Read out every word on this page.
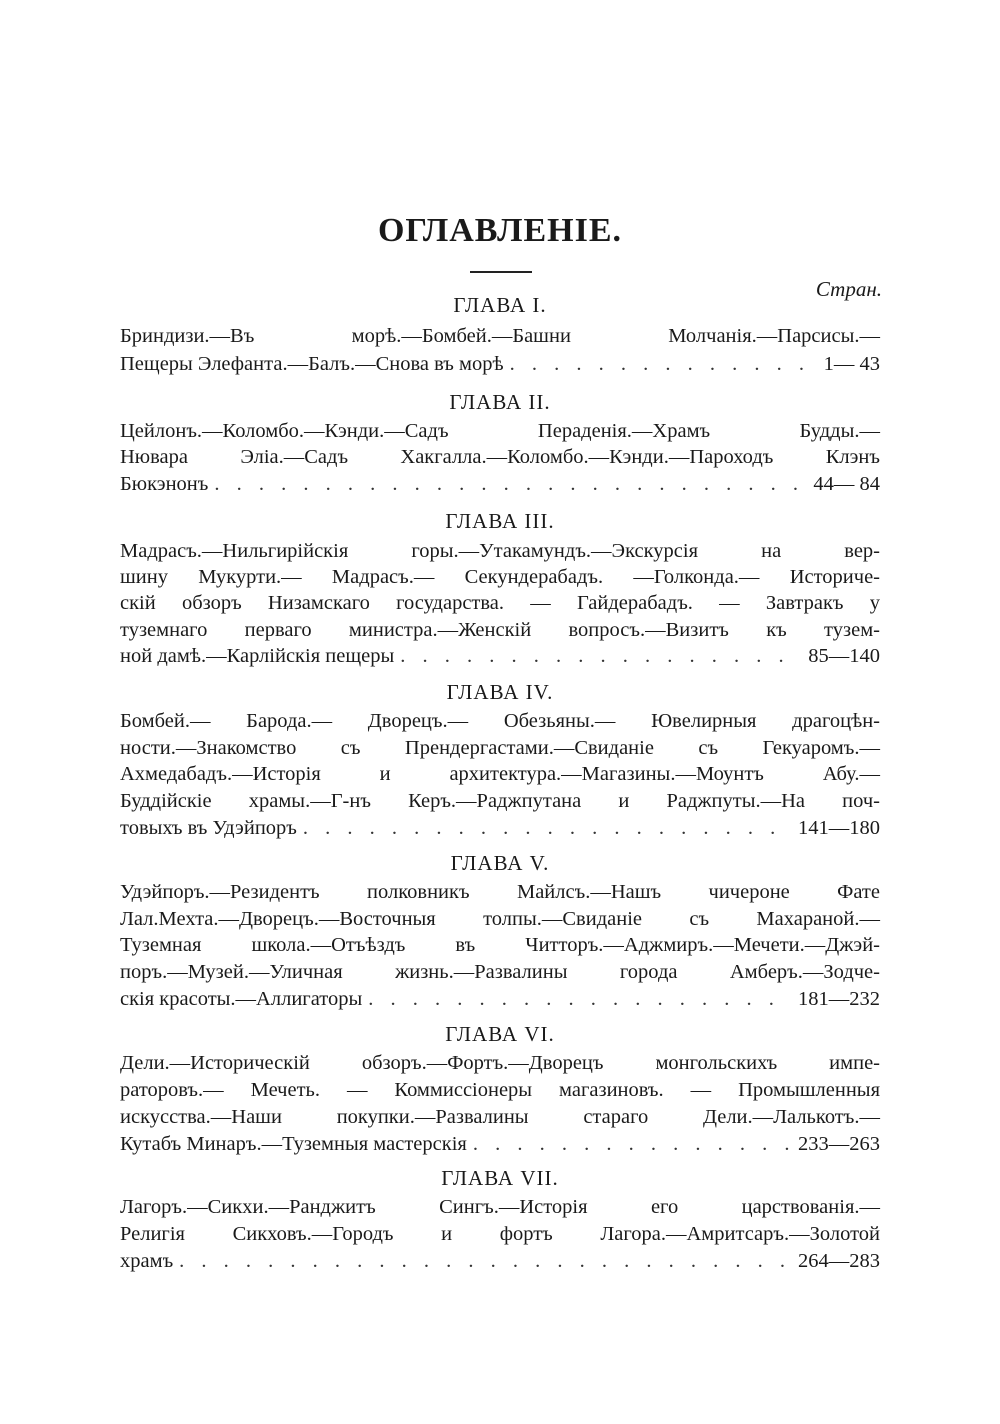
ОГЛАВЛЕНІЕ.
Стран.
ГЛАВА I.
Бриндизи.—Въ морѣ.—Бомбей.—Башни Молчанія.—Парсисы.—
Пещеры Элефанта.—Балъ.—Снова въ морѣ . . .	1— 43
ГЛАВА II.
Цейлонъ.—Коломбо.—Кэнди.—Садъ Перадeнія.—Храмъ Будды.—
Нювара Эліа.—Садъ Хакгалла.—Коломбо.—Кэнди.—Пароходъ Клэнъ
Бюкэнонъ . . .	44— 84
ГЛАВА III.
Мадрасъ.—Нильгирійскія горы.—Утакамундъ.—Экскурсія на вер-
шину Мукурти.— Мадрасъ.— Секундерабадъ. —Голконда.— Историче-
скій обзоръ Низамскаго государства. — Гайдерабадъ. — Завтракъ у
туземнаго перваго министра.—Женскій вопросъ.—Визитъ къ тузем-
ной дамѣ.—Карлійскія пещеры . . .	85—140
ГЛАВА IV.
Бомбей.— Барода.— Дворецъ.— Обезьяны.— Ювелирныя драгоцѣн-
ности.—Знакомство съ Прендергастами.—Свиданіе съ Гекуаромъ.—
Ахмедабадъ.—Исторія и архитектура.—Магазины.—Моунтъ Абу.—
Буддійскіе храмы.—Г-нъ Керъ.—Раджпутана и Раджпуты.—На поч-
товыхъ въ Удэйпоръ . . .	141—180
ГЛАВА V.
Удэйпоръ.—Резидентъ полковникъ Майлсъ.—Нашъ чичероне Фате
Лал.Мехта.—Дворецъ.—Восточныя толпы.—Свиданіе съ Махараной.—
Туземная школа.—Отъѣздъ въ Читторъ.—Аджмиръ.—Мечети.—Джэй-
поръ.—Музей.—Уличная жизнь.—Развалины города Амберъ.—Зодче-
скія красоты.—Аллигаторы . . .	181—232
ГЛАВА VI.
Дели.—Историческій обзоръ.—Фортъ.—Дворецъ монгольскихъ импе-
раторовъ.— Мечеть. — Коммиссіонеры магазиновъ. — Промышленныя
искусства.—Наши покупки.—Развалины стараго Дели.—Лалькотъ.—
Кутабъ Минаръ.—Туземныя мастерскія . . .	233—263
ГЛАВА VII.
Лагоръ.—Сикхи.—Ранджитъ Сингъ.—Исторія его царствованія.—
Религія Сикховъ.—Городъ и фортъ Лагора.—Амритсаръ.—Золотой
храмъ . . .	264—283
